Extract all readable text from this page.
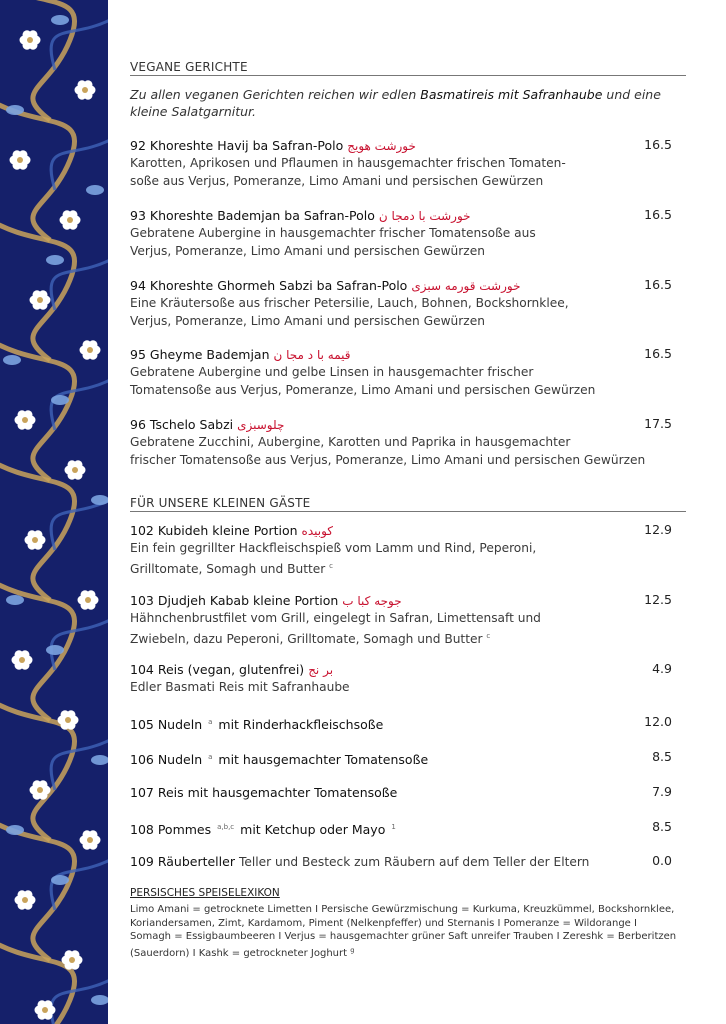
VEGANE GERICHTE
Zu allen veganen Gerichten reichen wir edlen Basmatireis mit Safranhaube und eine kleine Salatgarnitur.
92 Khoreshte Havij ba Safran-Polo خورشت هویج
Karotten, Aprikosen und Pflaumen in hausgemachter frischen Tomaten-
soße aus Verjus, Pomeranze, Limo Amani und persischen Gewürzen
16.5
93 Khoreshte Bademjan ba Safran-Polo خورشت با دمجا ن
Gebratene Aubergine in hausgemachter frischer Tomatensoße aus
Verjus, Pomeranze, Limo Amani und persischen Gewürzen
16.5
94 Khoreshte Ghormeh Sabzi ba Safran-Polo خورشت قورمه سبزی
Eine Kräutersoße aus frischer Petersilie, Lauch, Bohnen, Bockshornklee,
Verjus, Pomeranze, Limo Amani und persischen Gewürzen
16.5
95 Gheyme Bademjan قیمه با د مجا ن
Gebratene Aubergine und gelbe Linsen in hausgemachter frischer
Tomatensoße aus Verjus, Pomeranze, Limo Amani und persischen Gewürzen
16.5
96 Tschelo Sabzi چلوسبزی
Gebratene Zucchini, Aubergine, Karotten und Paprika in hausgemachter
frischer Tomatensoße aus Verjus, Pomeranze, Limo Amani und persischen Gewürzen
17.5
FÜR UNSERE KLEINEN GÄSTE
102 Kubideh kleine Portion کوبیده
Ein fein gegrillter Hackfleischspieß vom Lamm und Rind, Peperoni,
Grilltomate, Somagh und Butter $^c$
12.9
103 Djudjeh Kabab kleine Portion جوجه کبا ب
Hähnchenbrustfilet vom Grill, eingelegt in Safran, Limettensaft und
Zwiebeln, dazu Peperoni, Grilltomate, Somagh und Butter $^c$
12.5
104 Reis (vegan, glutenfrei) بر نج
Edler Basmati Reis mit Safranhaube
4.9
105 Nudeln $^a$ mit Rinderhackfleischsoße	12.0
106 Nudeln $^a$ mit hausgemachter Tomatensoße	8.5
107 Reis mit hausgemachter Tomatensoße	7.9
108 Pommes $^{a,b,c}$ mit Ketchup oder Mayo $^1$	8.5
109 Räuberteller Teller und Besteck zum Räubern auf dem Teller der Eltern	0.0
PERSISCHES SPEISELEXIKON
Limo Amani = getrocknete Limetten I Persische Gewürzmischung = Kurkuma, Kreuzkümmel, Bockshornklee,
Koriandersamen, Zimt, Kardamom, Piment (Nelkenpfeffer) und Sternanis I Pomeranze = Wildorange I
Somagh = Essigbaumbeeren I Verjus = hausgemachter grüner Saft unreifer Trauben I Zereshk = Berberitzen
(Sauerdorn) I Kashk = getrockneter Joghurt $^g$
